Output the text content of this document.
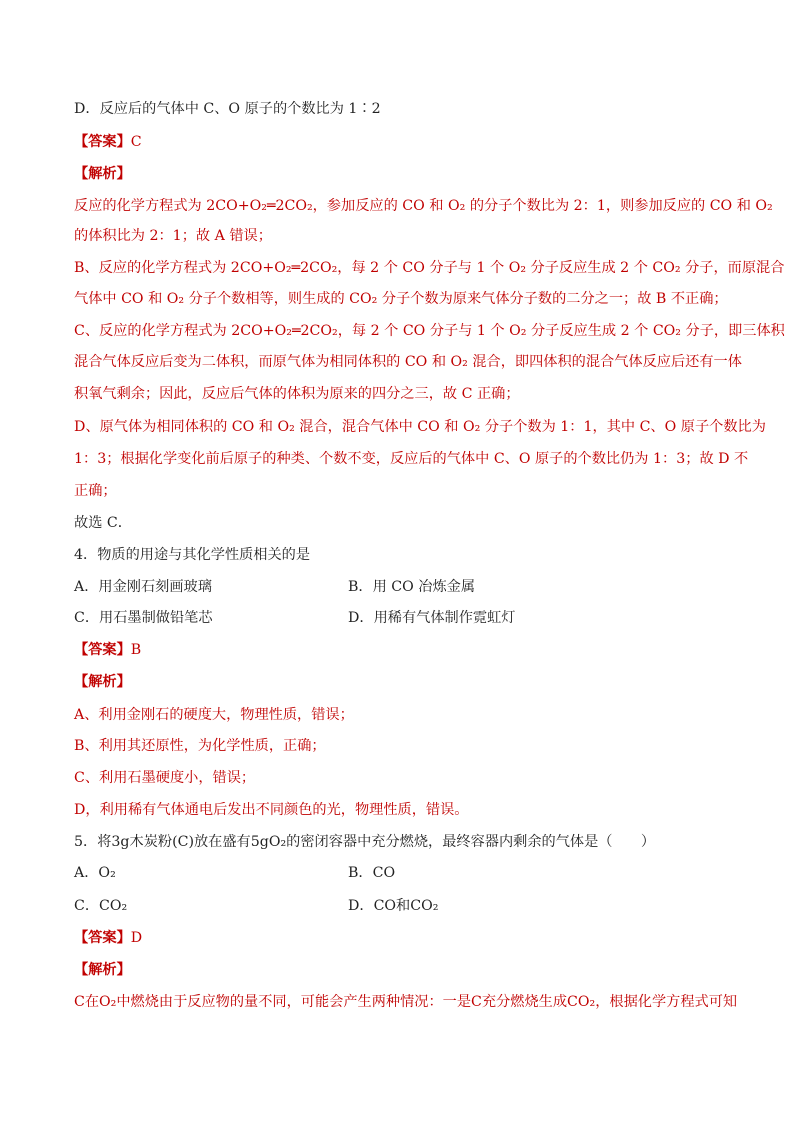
D．反应后的气体中 C、O 原子的个数比为 1∶2
【答案】C
【解析】
反应的化学方程式为 2CO+O₂═2CO₂，参加反应的 CO 和 O₂ 的分子个数比为 2：1，则参加反应的 CO 和 O₂
的体积比为 2：1；故 A 错误；
B、反应的化学方程式为 2CO+O₂═2CO₂，每 2 个 CO 分子与 1 个 O₂ 分子反应生成 2 个 CO₂ 分子，而原混合
气体中 CO 和 O₂ 分子个数相等，则生成的 CO₂ 分子个数为原来气体分子数的二分之一；故 B 不正确；
C、反应的化学方程式为 2CO+O₂═2CO₂，每 2 个 CO 分子与 1 个 O₂ 分子反应生成 2 个 CO₂ 分子，即三体积
混合气体反应后变为二体积，而原气体为相同体积的 CO 和 O₂ 混合，即四体积的混合气体反应后还有一体
积氧气剩余；因此，反应后气体的体积为原来的四分之三，故 C 正确；
D、原气体为相同体积的 CO 和 O₂ 混合，混合气体中 CO 和 O₂ 分子个数为 1：1，其中 C、O 原子个数比为
1：3；根据化学变化前后原子的种类、个数不变，反应后的气体中 C、O 原子的个数比仍为 1：3；故 D 不
正确；
故选 C．
4．物质的用途与其化学性质相关的是
A．用金刚石刻画玻璃	B．用 CO 冶炼金属
C．用石墨制做铅笔芯	D．用稀有气体制作霓虹灯
【答案】B
【解析】
A、利用金刚石的硬度大，物理性质，错误；
B、利用其还原性，为化学性质，正确；
C、利用石墨硬度小，错误；
D，利用稀有气体通电后发出不同颜色的光，物理性质，错误。
5．将3g木炭粉(C)放在盛有5gO₂的密闭容器中充分燃烧，最终容器内剩余的气体是（　　）
A．O₂	B．CO
C．CO₂	D．CO和CO₂
【答案】D
【解析】
C在O₂中燃烧由于反应物的量不同，可能会产生两种情况：一是C充分燃烧生成CO₂，根据化学方程式可知
